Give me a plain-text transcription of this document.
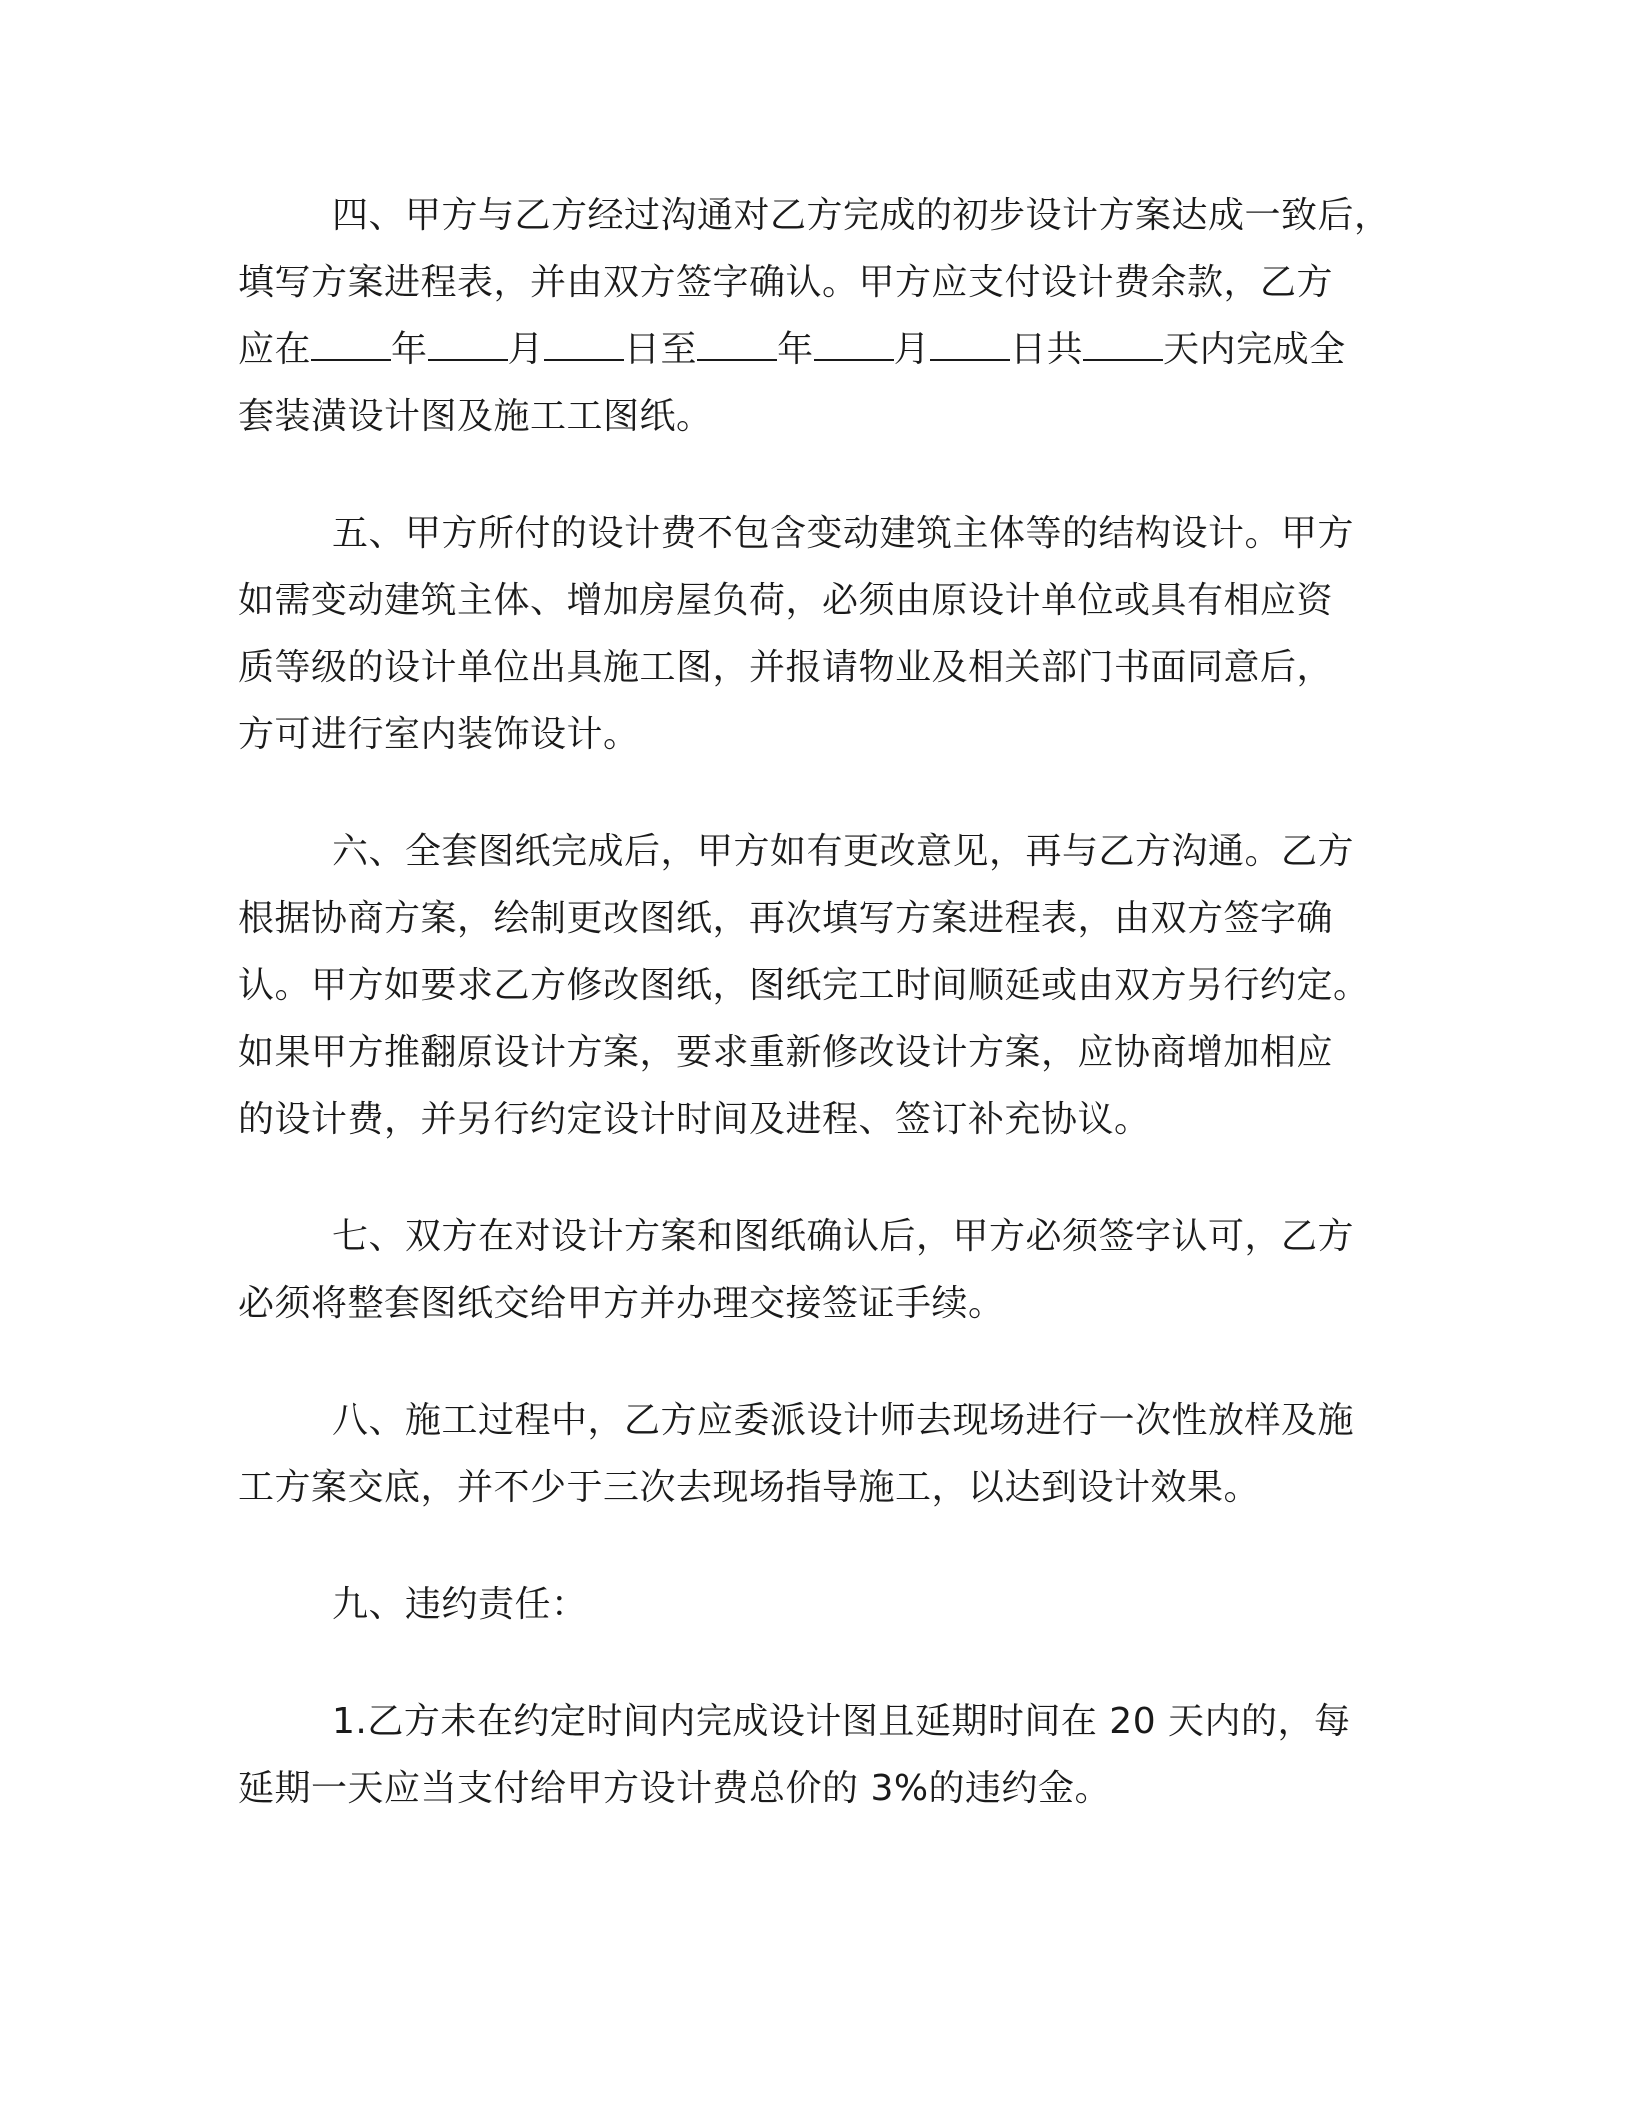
四、甲方与乙方经过沟通对乙方完成的初步设计方案达成一致后，
填写方案进程表，并由双方签字确认。甲方应支付设计费余款，乙方
应在 年 月 日至 年 月 日共 天内完成全
套装潢设计图及施工工图纸。
五、甲方所付的设计费不包含变动建筑主体等的结构设计。甲方
如需变动建筑主体、增加房屋负荷，必须由原设计单位或具有相应资
质等级的设计单位出具施工图，并报请物业及相关部门书面同意后，
方可进行室内装饰设计。
六、全套图纸完成后，甲方如有更改意见，再与乙方沟通。乙方
根据协商方案，绘制更改图纸，再次填写方案进程表，由双方签字确
认。甲方如要求乙方修改图纸，图纸完工时间顺延或由双方另行约定。
如果甲方推翻原设计方案，要求重新修改设计方案，应协商增加相应
的设计费，并另行约定设计时间及进程、签订补充协议。
七、双方在对设计方案和图纸确认后，甲方必须签字认可，乙方
必须将整套图纸交给甲方并办理交接签证手续。
八、施工过程中，乙方应委派设计师去现场进行一次性放样及施
工方案交底，并不少于三次去现场指导施工，以达到设计效果。
九、违约责任：
1.乙方未在约定时间内完成设计图且延期时间在 20 天内的，每
延期一天应当支付给甲方设计费总价的 3%的违约金。
